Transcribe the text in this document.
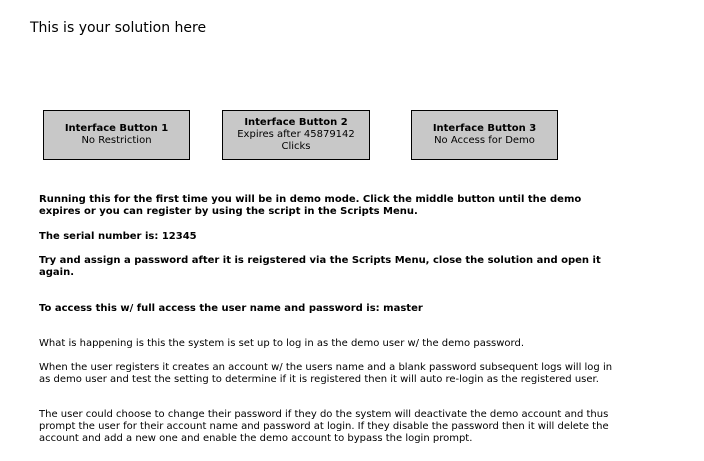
This is your solution here
Interface Button 1
No Restriction
Interface Button 2
Expires after 45879142
Clicks
Interface Button 3
No Access for Demo

Running this for the first time you will be in demo mode. Click the middle button until the demo expires or you can register by using the script in the Scripts Menu.

The serial number is: 12345

Try and assign a password after it is reigstered via the Scripts Menu, close the solution and open it again.

To access this w/ full access the user name and password is: master

What is happening is this the system is set up to log in as the demo user w/ the demo password.

When the user registers it creates an account w/ the users name and a blank password subsequent logs will log in as demo user and test the setting to determine if it is registered then it will auto re-login as the registered user.

The user could choose to change their password if they do the system will deactivate the demo account and thus prompt the user for their account name and password at login. If they disable the password then it will delete the account and add a new one and enable the demo account to bypass the login prompt.
